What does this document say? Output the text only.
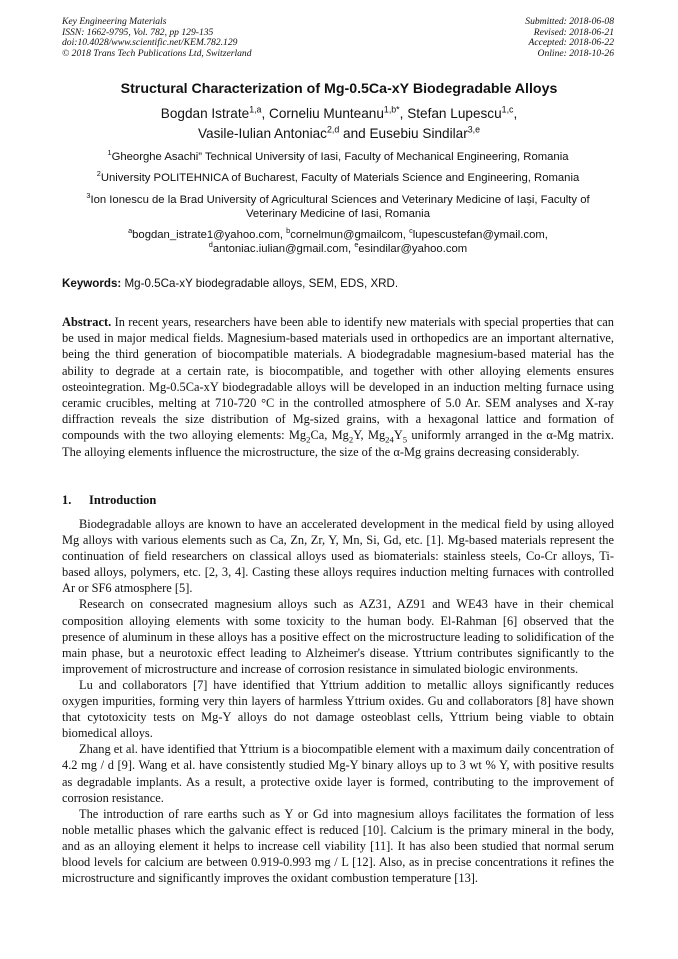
Key Engineering Materials
ISSN: 1662-9795, Vol. 782, pp 129-135
doi:10.4028/www.scientific.net/KEM.782.129
© 2018 Trans Tech Publications Ltd, Switzerland
Submitted: 2018-06-08
Revised: 2018-06-21
Accepted: 2018-06-22
Online: 2018-10-26
Structural Characterization of Mg-0.5Ca-xY Biodegradable Alloys
Bogdan Istrate$^{1,a}$, Corneliu Munteanu$^{1,b*}$, Stefan Lupescu$^{1,c}$,
Vasile-Iulian Antoniac$^{2,d}$ and Eusebiu Sindilar$^{3,e}$
$^1$Gheorghe Asachi” Technical University of Iasi, Faculty of Mechanical Engineering, Romania
$^2$University POLITEHNICA of Bucharest, Faculty of Materials Science and Engineering, Romania
$^3$Ion Ionescu de la Brad University of Agricultural Sciences and Veterinary Medicine of Iași, Faculty of Veterinary Medicine of Iasi, Romania
$^a$bogdan_istrate1@yahoo.com, $^b$cornelmun@gmailcom, $^c$lupescustefan@ymail.com,
$^d$antoniac.iulian@gmail.com, $^e$esindilar@yahoo.com
Keywords: Mg-0.5Ca-xY biodegradable alloys, SEM, EDS, XRD.
Abstract. In recent years, researchers have been able to identify new materials with special properties that can be used in major medical fields. Magnesium-based materials used in orthopedics are an important alternative, being the third generation of biocompatible materials. A biodegradable magnesium-based material has the ability to degrade at a certain rate, is biocompatible, and together with other alloying elements ensures osteointegration. Mg-0.5Ca-xY biodegradable alloys will be developed in an induction melting furnace using ceramic crucibles, melting at 710-720 °C in the controlled atmosphere of 5.0 Ar. SEM analyses and X-ray diffraction reveals the size distribution of Mg-sized grains, with a hexagonal lattice and formation of compounds with the two alloying elements: $Mg_2Ca$, $Mg_2Y$, $Mg_{24}Y_5$ uniformly arranged in the α-Mg matrix. The alloying elements influence the microstructure, the size of the α-Mg grains decreasing considerably.
1. Introduction

Biodegradable alloys are known to have an accelerated development in the medical field by using alloyed Mg alloys with various elements such as Ca, Zn, Zr, Y, Mn, Si, Gd, etc. [1]. Mg-based materials represent the continuation of field researchers on classical alloys used as biomaterials: stainless steels, Co-Cr alloys, Ti-based alloys, polymers, etc. [2, 3, 4]. Casting these alloys requires induction melting furnaces with controlled Ar or SF6 atmosphere [5].

Research on consecrated magnesium alloys such as AZ31, AZ91 and WE43 have in their chemical composition alloying elements with some toxicity to the human body. El-Rahman [6] observed that the presence of aluminum in these alloys has a positive effect on the microstructure leading to solidification of the main phase, but a neurotoxic effect leading to Alzheimer's disease. Yttrium contributes significantly to the improvement of microstructure and increase of corrosion resistance in simulated biologic environments.

Lu and collaborators [7] have identified that Yttrium addition to metallic alloys significantly reduces oxygen impurities, forming very thin layers of harmless Yttrium oxides. Gu and collaborators [8] have shown that cytotoxicity tests on Mg-Y alloys do not damage osteoblast cells, Yttrium being viable to obtain biomedical alloys.

Zhang et al. have identified that Yttrium is a biocompatible element with a maximum daily concentration of 4.2 mg / d [9]. Wang et al. have consistently studied Mg-Y binary alloys up to 3 wt % Y, with positive results as degradable implants. As a result, a protective oxide layer is formed, contributing to the improvement of corrosion resistance.

The introduction of rare earths such as Y or Gd into magnesium alloys facilitates the formation of less noble metallic phases which the galvanic effect is reduced [10]. Calcium is the primary mineral in the body, and as an alloying element it helps to increase cell viability [11]. It has also been studied that normal serum blood levels for calcium are between 0.919-0.993 mg / L [12]. Also, as in precise concentrations it refines the microstructure and significantly improves the oxidant combustion temperature [13].
